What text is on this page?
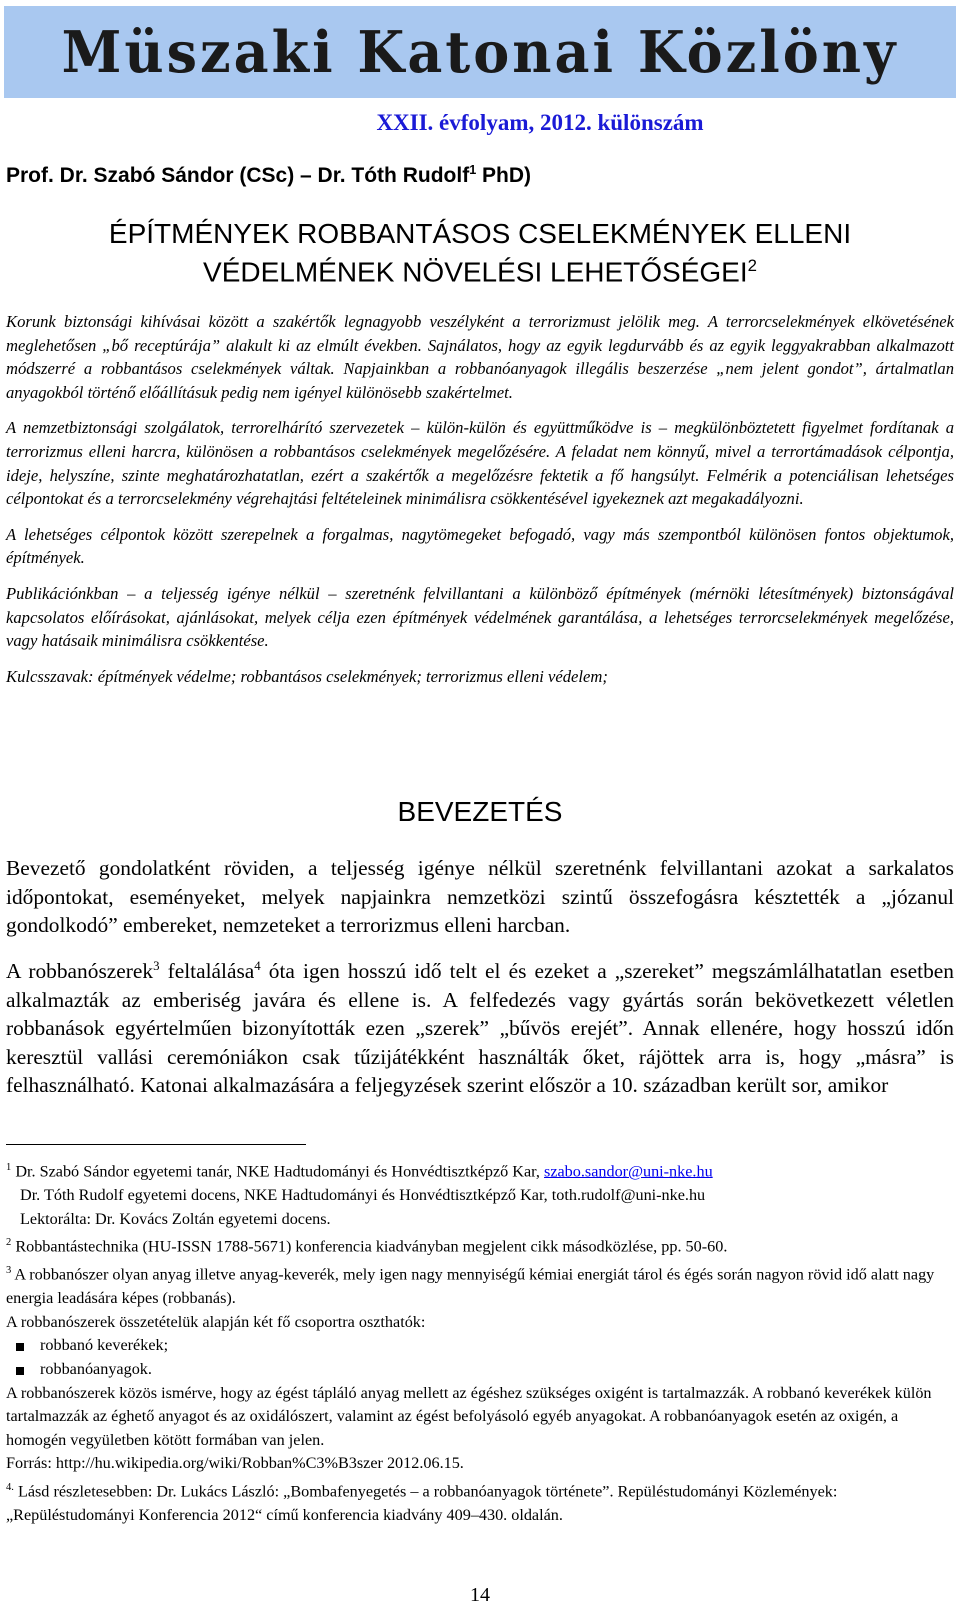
Müszaki Katonai Közlöny
XXII. évfolyam, 2012. különszám
Prof. Dr. Szabó Sándor (CSc) – Dr. Tóth Rudolf$^1$ PhD)
ÉPÍTMÉNYEK ROBBANTÁSOS CSELEKMÉNYEK ELLENI
VÉDELMÉNEK NÖVELÉSI LEHETŐSÉGEI$^2$

Korunk biztonsági kihívásai között a szakértők legnagyobb veszélyként a terrorizmust jelölik meg. A terrorcselekmények elkövetésének meglehetősen „bő receptúrája” alakult ki az elmúlt években. Sajnálatos, hogy az egyik legdurvább és az egyik leggyakrabban alkalmazott módszerré a robbantásos cselekmények váltak. Napjainkban a robbanóanyagok illegális beszerzése „nem jelent gondot”, ártalmatlan anyagokból történő előállításuk pedig nem igényel különösebb szakértelmet.

A nemzetbiztonsági szolgálatok, terrorelhárító szervezetek – külön-külön és együttműködve is – megkülönböztetett figyelmet fordítanak a terrorizmus elleni harcra, különösen a robbantásos cselekmények megelőzésére. A feladat nem könnyű, mivel a terrortámadások célpontja, ideje, helyszíne, szinte meghatározhatatlan, ezért a szakértők a megelőzésre fektetik a fő hangsúlyt. Felmérik a potenciálisan lehetséges célpontokat és a terrorcselekmény végrehajtási feltételeinek minimálisra csökkentésével igyekeznek azt megakadályozni.

A lehetséges célpontok között szerepelnek a forgalmas, nagytömegeket befogadó, vagy más szempontból különösen fontos objektumok, építmények.

Publikációnkban – a teljesség igénye nélkül – szeretnénk felvillantani a különböző építmények (mérnöki létesítmények) biztonságával kapcsolatos előírásokat, ajánlásokat, melyek célja ezen építmények védelmének garantálása, a lehetséges terrorcselekmények megelőzése, vagy hatásaik minimálisra csökkentése.

Kulcsszavak: építmények védelme; robbantásos cselekmények; terrorizmus elleni védelem;

BEVEZETÉS

Bevezető gondolatként röviden, a teljesség igénye nélkül szeretnénk felvillantani azokat a sarkalatos időpontokat, eseményeket, melyek napjainkra nemzetközi szintű összefogásra késztették a „józanul gondolkodó” embereket, nemzeteket a terrorizmus elleni harcban.

A robbanószerek$^3$ feltalálása$^4$ óta igen hosszú idő telt el és ezeket a „szereket” megszámlálhatatlan esetben alkalmazták az emberiség javára és ellene is. A felfedezés vagy gyártás során bekövetkezett véletlen robbanások egyértelműen bizonyították ezen „szerek” „bűvös erejét”. Annak ellenére, hogy hosszú időn keresztül vallási ceremóniákon csak tűzijátékként használták őket, rájöttek arra is, hogy „másra” is felhasználható. Katonai alkalmazására a feljegyzések szerint először a 10. században került sor, amikor

$^1$ Dr. Szabó Sándor egyetemi tanár, NKE Hadtudományi és Honvédtisztképző Kar, szabo.sandor@uni-nke.hu
Dr. Tóth Rudolf egyetemi docens, NKE Hadtudományi és Honvédtisztképző Kar, toth.rudolf@uni-nke.hu
Lektorálta: Dr. Kovács Zoltán egyetemi docens.
$^2$ Robbantástechnika (HU-ISSN 1788-5671) konferencia kiadványban megjelent cikk másodközlése, pp. 50-60.
$^3$ A robbanószer olyan anyag illetve anyag-keverék, mely igen nagy mennyiségű kémiai energiát tárol és égés során nagyon rövid idő alatt nagy energia leadására képes (robbanás).
A robbanószerek összetételük alapján két fő csoportra oszthatók:
robbanó keverékek;
robbanóanyagok.
A robbanószerek közös ismérve, hogy az égést tápláló anyag mellett az égéshez szükséges oxigént is tartalmazzák. A robbanó keverékek külön tartalmazzák az éghető anyagot és az oxidálószert, valamint az égést befolyásoló egyéb anyagokat. A robbanóanyagok esetén az oxigén, a homogén vegyületben kötött formában van jelen.
Forrás: http://hu.wikipedia.org/wiki/Robban%C3%B3szer 2012.06.15.
$^{4.}$ Lásd részletesebben: Dr. Lukács László: „Bombafenyegetés – a robbanóanyagok története”. Repüléstudományi Közlemények: „Repüléstudományi Konferencia 2012“ című konferencia kiadvány 409–430. oldalán.
14
